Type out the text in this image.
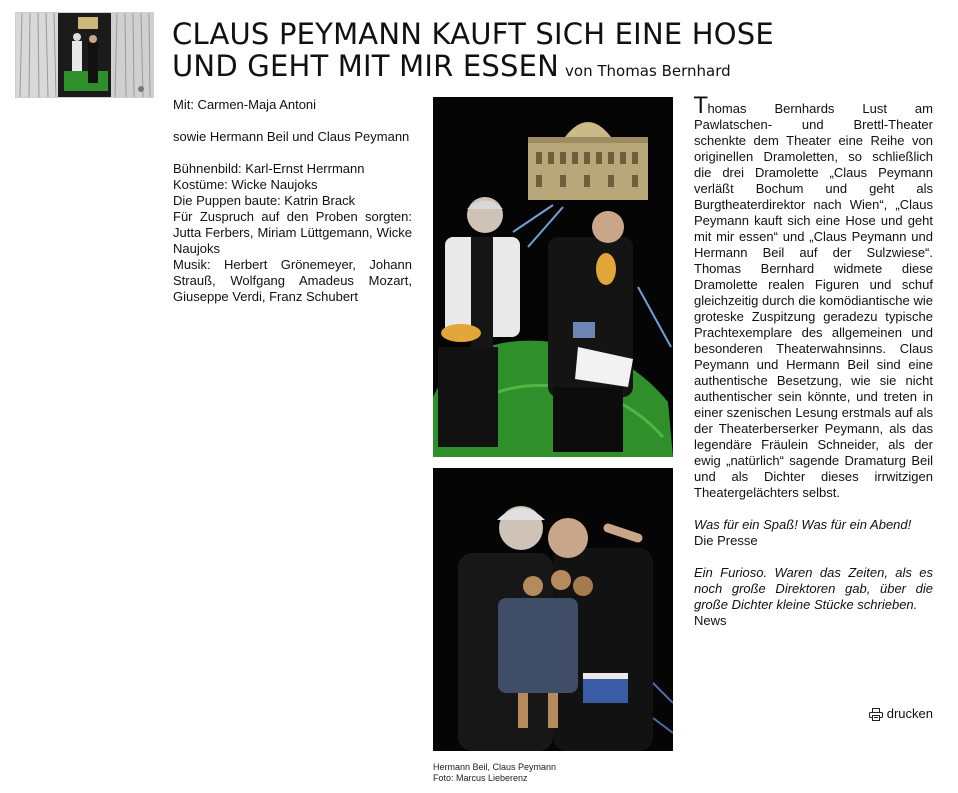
CLAUS PEYMANN KAUFT SICH EINE HOSE
UND GEHT MIT MIR ESSEN von Thomas Bernhard

Mit: Carmen-Maja Antoni

sowie Hermann Beil und Claus Peymann

Bühnenbild: Karl-Ernst Herrmann
Kostüme: Wicke Naujoks
Die Puppen baute: Katrin Brack
Für Zuspruch auf den Proben sorgten: Jutta Ferbers, Miriam Lüttgemann, Wicke Naujoks
Musik: Herbert Grönemeyer, Johann Strauß, Wolfgang Amadeus Mozart, Giuseppe Verdi, Franz Schubert
Hermann Beil, Claus Peymann
Foto: Marcus Lieberenz

Thomas Bernhards Lust am Pawlatschen- und Brettl-Theater schenkte dem Theater eine Reihe von originellen Dramoletten, so schließlich die drei Dramolette „Claus Peymann verläßt Bochum und geht als Burgtheaterdirektor nach Wien“, „Claus Peymann kauft sich eine Hose und geht mit mir essen“ und „Claus Peymann und Hermann Beil auf der Sulzwiese“. Thomas Bernhard widmete diese Dramolette realen Figuren und schuf gleichzeitig durch die komödiantische wie groteske Zuspitzung geradezu typische Prachtexemplare des allgemeinen und besonderen Theaterwahnsinns. Claus Peymann und Hermann Beil sind eine authentische Besetzung, wie sie nicht authentischer sein könnte, und treten in einer szenischen Lesung erstmals auf als der Theaterberserker Peymann, als das legendäre Fräulein Schneider, als der ewig „natürlich“ sagende Dramaturg Beil und als Dichter dieses irrwitzigen Theatergelächters selbst.

Was für ein Spaß! Was für ein Abend!
Die Presse

Ein Furioso. Waren das Zeiten, als es noch große Direktoren gab, über die große Dichter kleine Stücke schrieben.
News

drucken
